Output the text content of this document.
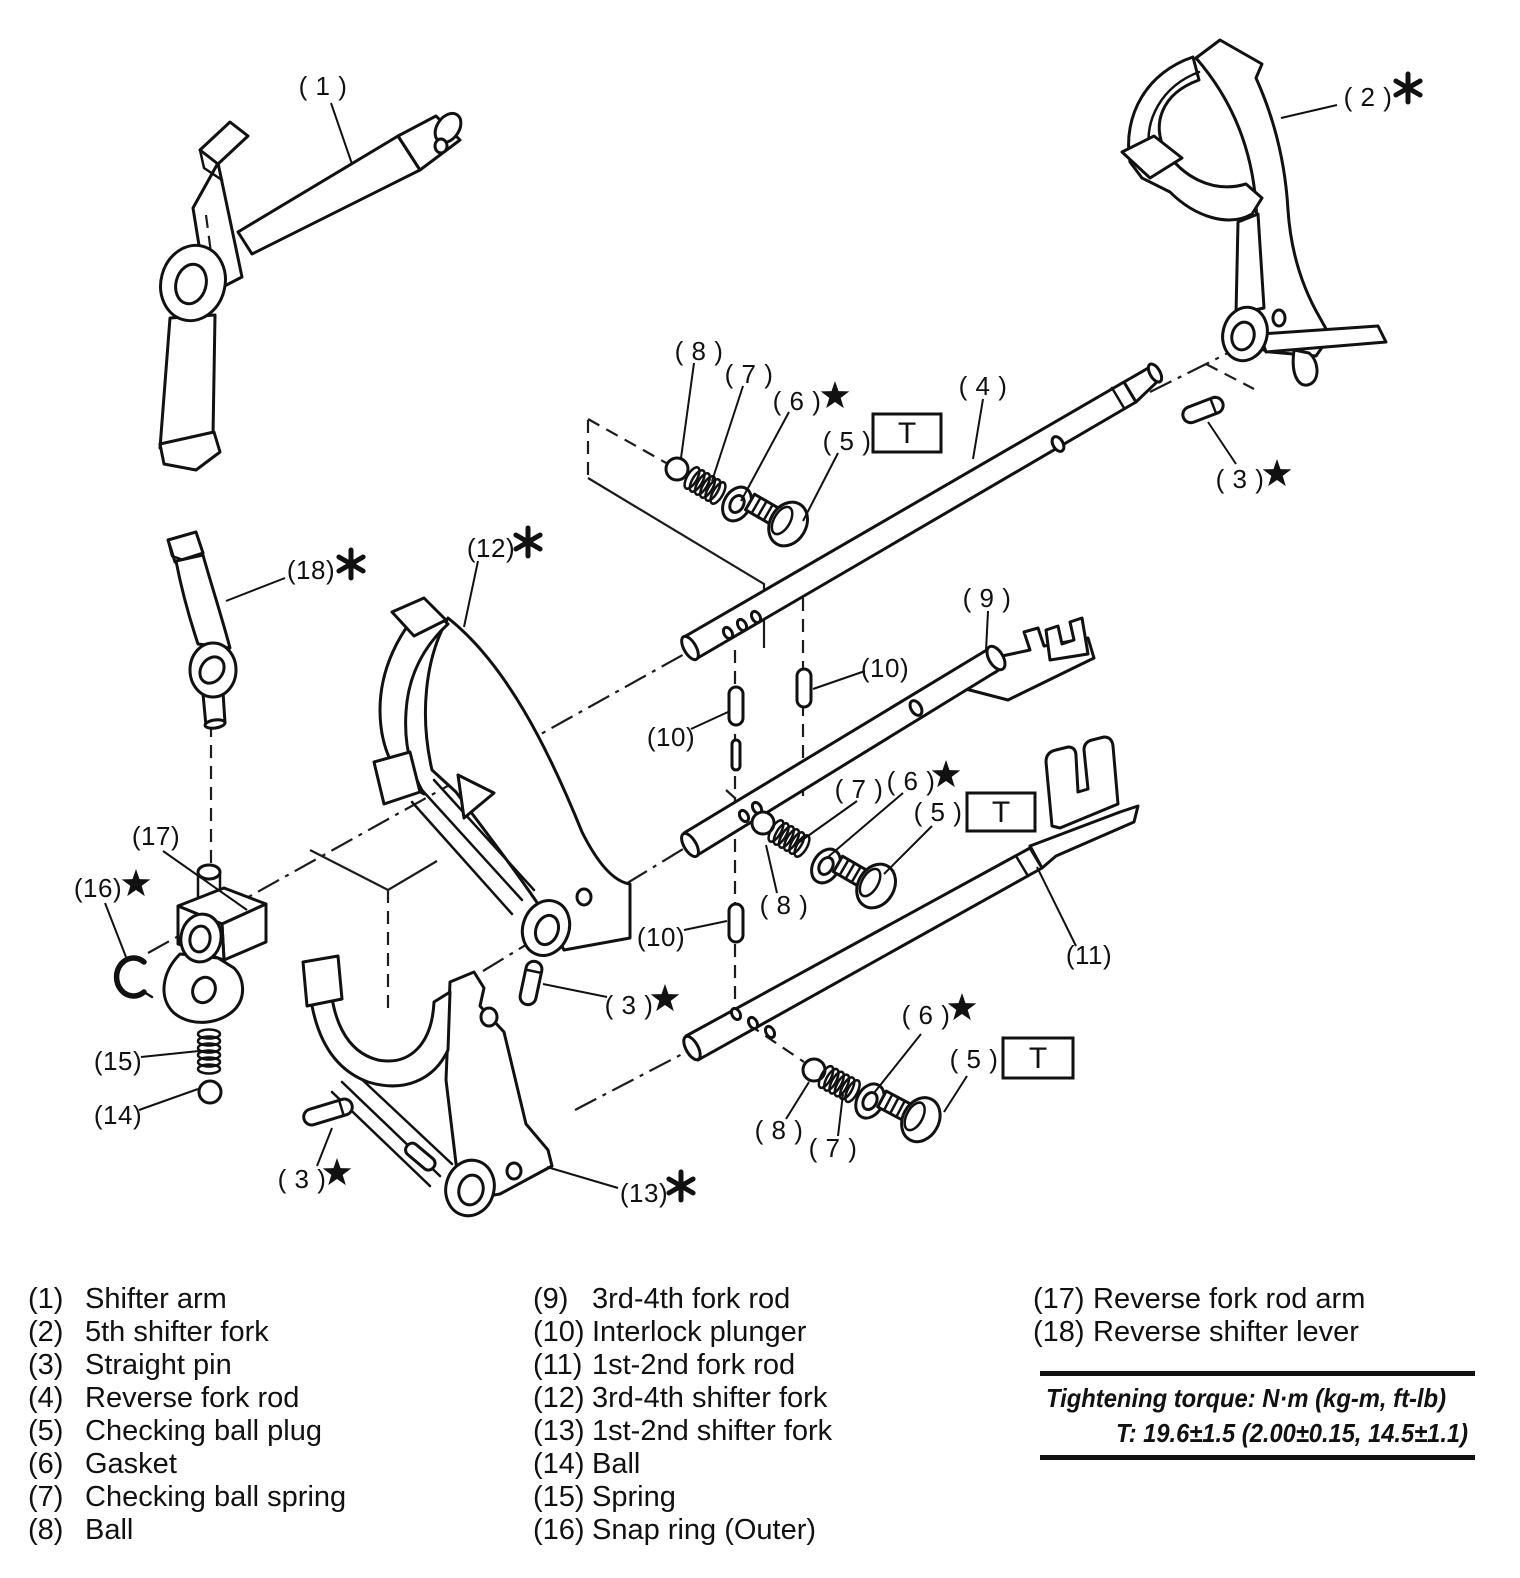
( 1 )	( 2 )
( 3 )
( 3 )
( 3 )
( 4 )
( 5 )
( 5 )
( 5 )
( 6 )
( 6 )
( 6 )
( 7 )
( 7 )
( 7 )
( 8 )
( 8 )
( 8 )
( 9 )
(10)
(10)
(10)
(11)
(12)
(13)
(14)
(15)
(16)
(17)
(18)
T
T
T
(1) Shifter arm
(2) 5th shifter fork
(3) Straight pin
(4) Reverse fork rod
(5) Checking ball plug
(6) Gasket
(7) Checking ball spring
(8) Ball
(9) 3rd-4th fork rod
(10) Interlock plunger
(11) 1st-2nd fork rod
(12) 3rd-4th shifter fork
(13) 1st-2nd shifter fork
(14) Ball
(15) Spring
(16) Snap ring (Outer)
(17) Reverse fork rod arm
(18) Reverse shifter lever
Tightening torque: N·m (kg-m, ft-lb)
T: 19.6±1.5 (2.00±0.15, 14.5±1.1)
